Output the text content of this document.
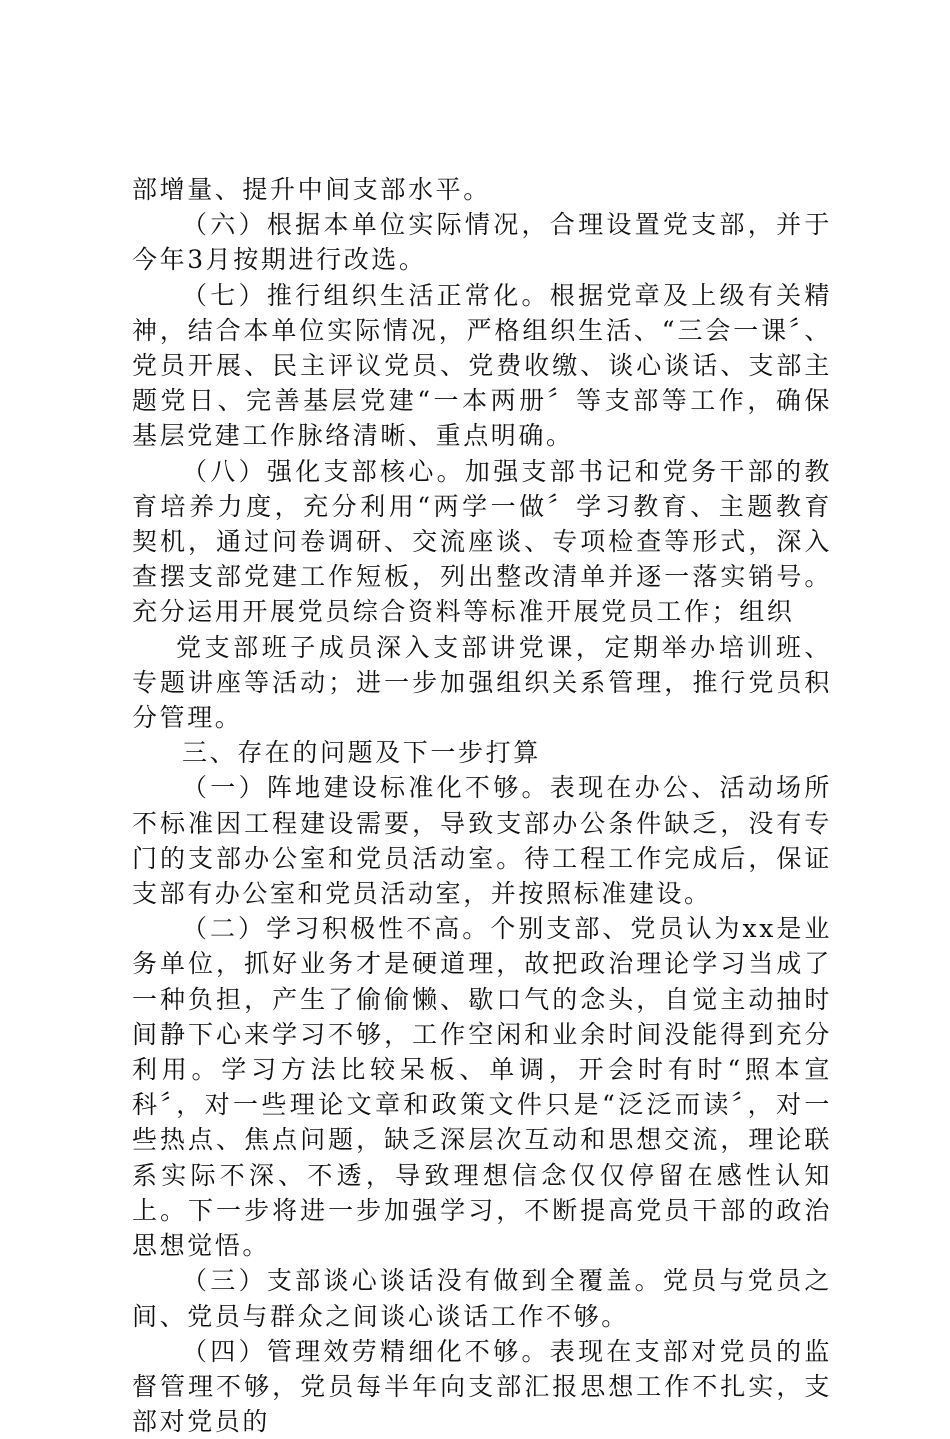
部增量、提升中间支部水平。

（六）根据本单位实际情况，合理设置党支部，并于今年3月按期进行改选。

（七）推行组织生活正常化。根据党章及上级有关精神，结合本单位实际情况，严格组织生活、“三会一课〞、党员开展、民主评议党员、党费收缴、谈心谈话、支部主题党日、完善基层党建“一本两册〞等支部等工作，确保基层党建工作脉络清晰、重点明确。

（八）强化支部核心。加强支部书记和党务干部的教育培养力度，充分利用“两学一做〞学习教育、主题教育契机，通过问卷调研、交流座谈、专项检查等形式，深入查摆支部党建工作短板，列出整改清单并逐一落实销号。充分运用开展党员综合资料等标准开展党员工作；组织

党支部班子成员深入支部讲党课，定期举办培训班、专题讲座等活动；进一步加强组织关系管理，推行党员积分管理。

三、存在的问题及下一步打算

（一）阵地建设标准化不够。表现在办公、活动场所不标准因工程建设需要，导致支部办公条件缺乏，没有专门的支部办公室和党员活动室。待工程工作完成后，保证支部有办公室和党员活动室，并按照标准建设。

（二）学习积极性不高。个别支部、党员认为xx是业务单位，抓好业务才是硬道理，故把政治理论学习当成了一种负担，产生了偷偷懒、歇口气的念头，自觉主动抽时间静下心来学习不够，工作空闲和业余时间没能得到充分利用。学习方法比较呆板、单调，开会时有时“照本宣科〞，对一些理论文章和政策文件只是“泛泛而读〞，对一些热点、焦点问题，缺乏深层次互动和思想交流，理论联系实际不深、不透，导致理想信念仅仅停留在感性认知上。下一步将进一步加强学习，不断提高党员干部的政治思想觉悟。

（三）支部谈心谈话没有做到全覆盖。党员与党员之间、党员与群众之间谈心谈话工作不够。

（四）管理效劳精细化不够。表现在支部对党员的监督管理不够，党员每半年向支部汇报思想工作不扎实，支部对党员的
